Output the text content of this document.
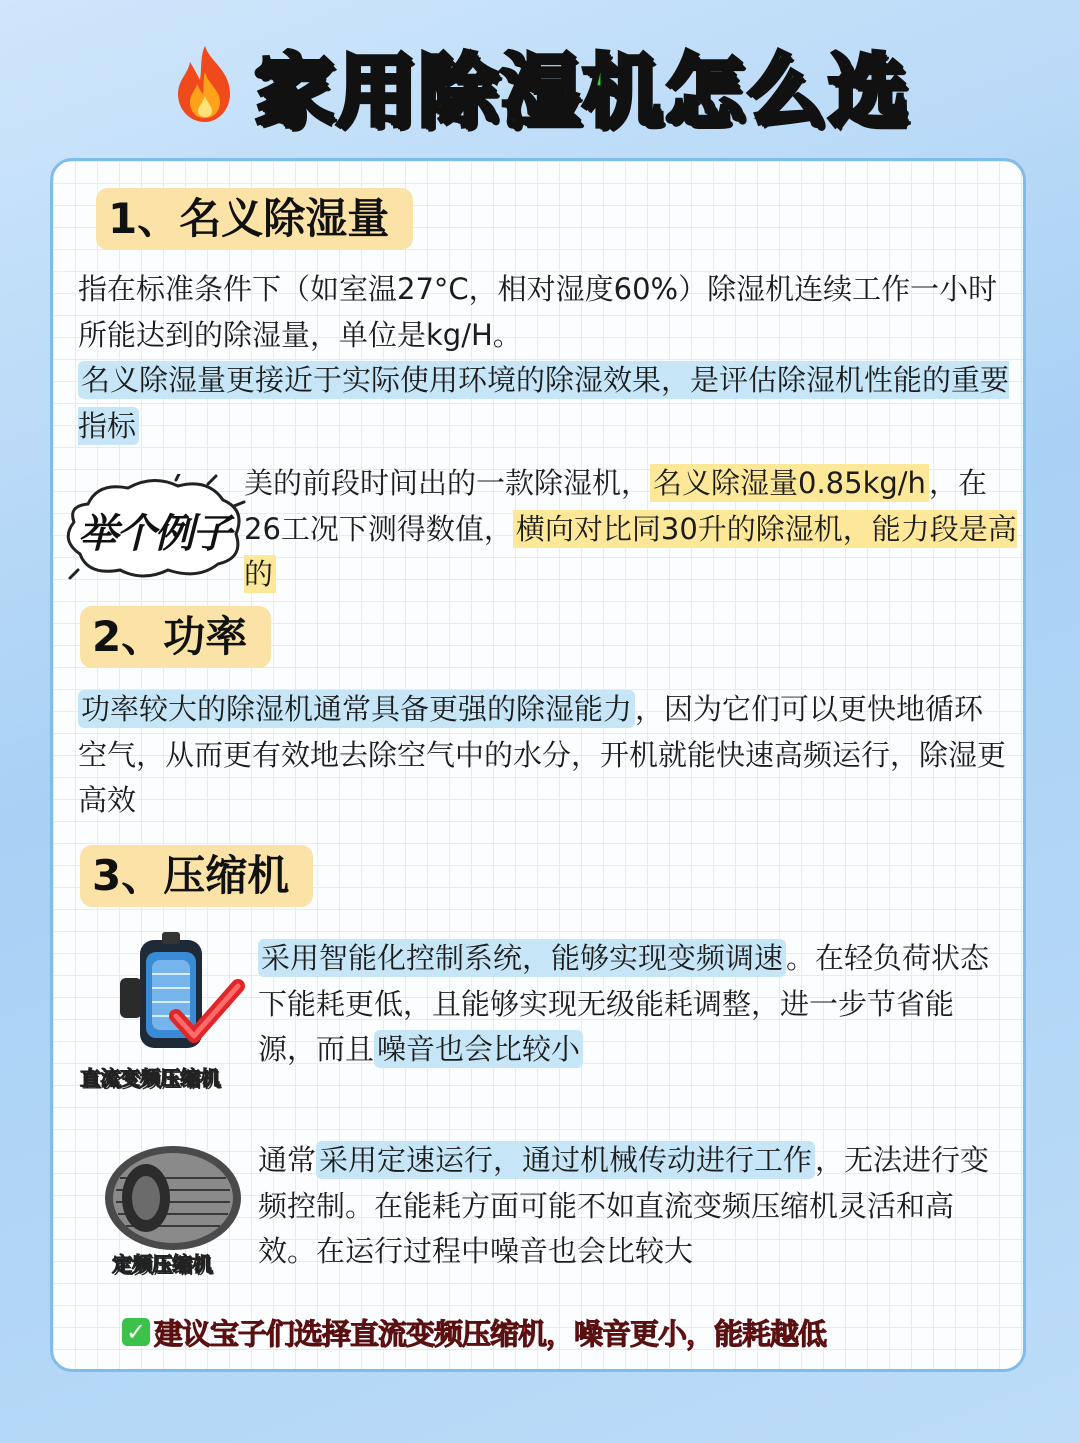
家用除湿机怎么选
1、名义除湿量
指在标准条件下（如室温27°C，相对湿度60%）除湿机连续工作一小时所能达到的除湿量，单位是kg/H。
名义除湿量更接近于实际使用环境的除湿效果，是评估除湿机性能的重要指标
举个例子
美的前段时间出的一款除湿机， 名义除湿量0.85kg/h ，在26工况下测得数值， 横向对比同30升的除湿机，能力段是高的
2、功率
功率较大的除湿机通常具备更强的除湿能力 ，因为它们可以更快地循环空气，从而更有效地去除空气中的水分，开机就能快速高频运行，除湿更高效
3、压缩机
直流变频压缩机
采用智能化控制系统，能够实现变频调速 。在轻负荷状态下能耗更低，且能够实现无级能耗调整，进一步节省能源，而且 噪音也会比较小
定频压缩机
通常 采用定速运行，通过机械传动进行工作 ，无法进行变频控制。在能耗方面可能不如直流变频压缩机灵活和高效。在运行过程中噪音也会比较大
✓ 建议宝子们选择直流变频压缩机，噪音更小，能耗越低
